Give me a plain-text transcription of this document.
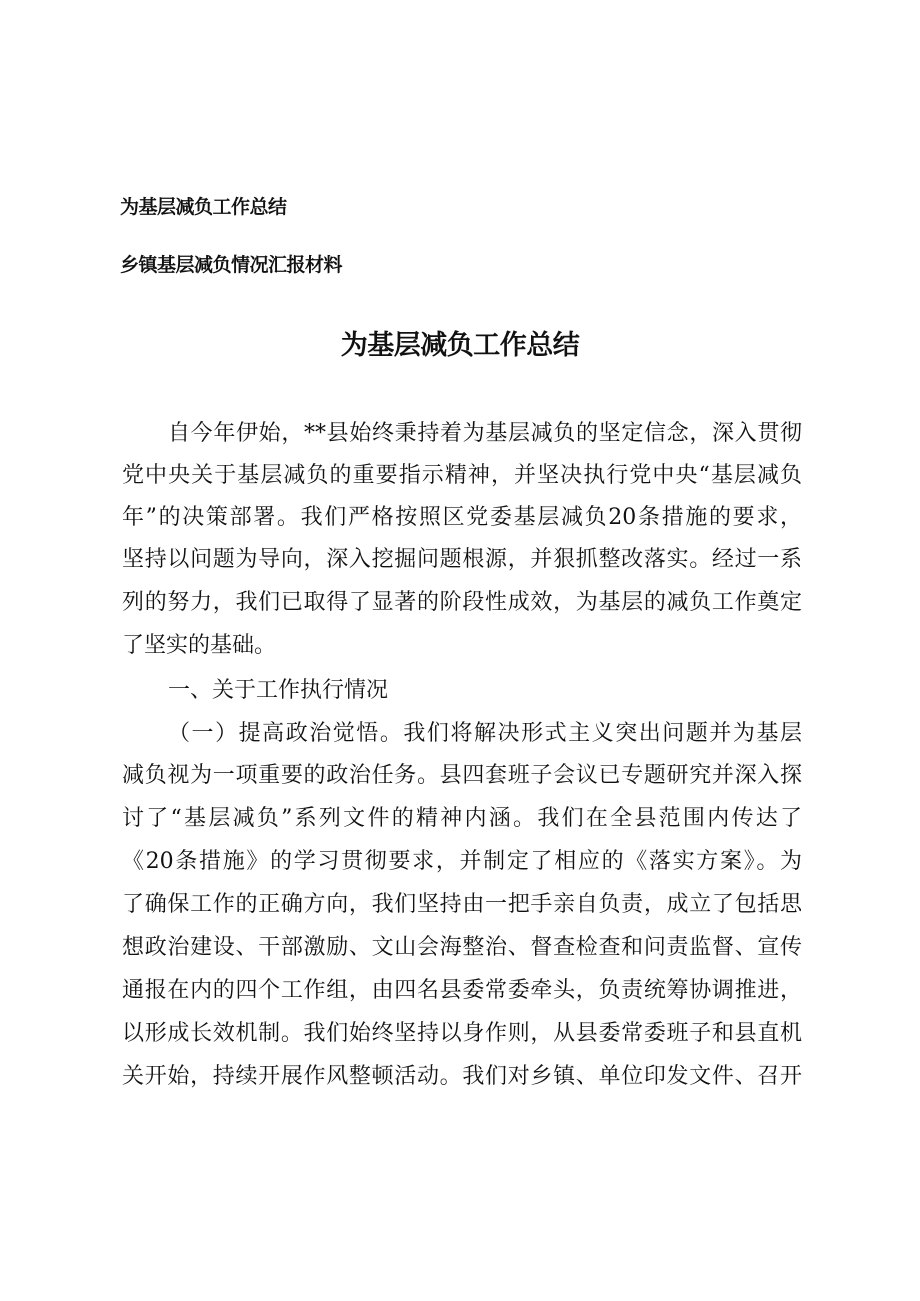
为基层减负工作总结
乡镇基层减负情况汇报材料
为基层减负工作总结
自今年伊始，**县始终秉持着为基层减负的坚定信念，深入贯彻
党中央关于基层减负的重要指示精神，并坚决执行党中央“基层减负
年”的决策部署。我们严格按照区党委基层减负20条措施的要求，
坚持以问题为导向，深入挖掘问题根源，并狠抓整改落实。经过一系
列的努力，我们已取得了显著的阶段性成效，为基层的减负工作奠定
了坚实的基础。
一、关于工作执行情况
（一）提高政治觉悟。我们将解决形式主义突出问题并为基层
减负视为一项重要的政治任务。县四套班子会议已专题研究并深入探
讨了“基层减负”系列文件的精神内涵。我们在全县范围内传达了
《20条措施》的学习贯彻要求，并制定了相应的《落实方案》。为
了确保工作的正确方向，我们坚持由一把手亲自负责，成立了包括思
想政治建设、干部激励、文山会海整治、督查检查和问责监督、宣传
通报在内的四个工作组，由四名县委常委牵头，负责统筹协调推进，
以形成长效机制。我们始终坚持以身作则，从县委常委班子和县直机
关开始，持续开展作风整顿活动。我们对乡镇、单位印发文件、召开
